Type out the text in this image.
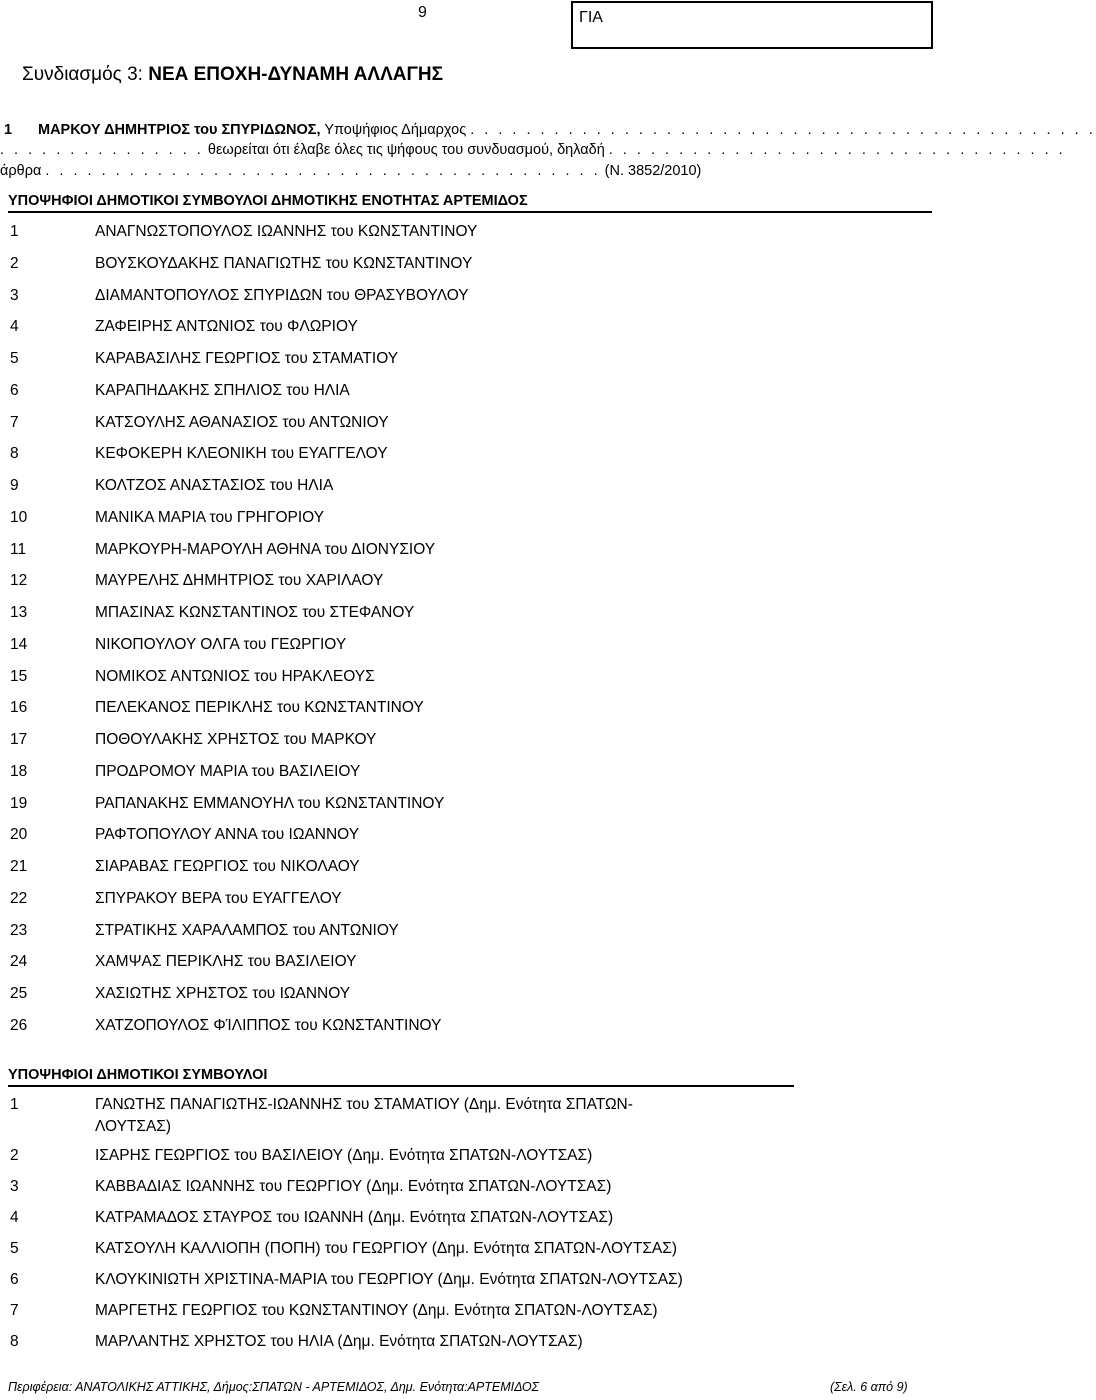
9	ΓΙΑ
Συνδιασμός 3: ΝΕΑ ΕΠΟΧΗ-ΔΥΝΑΜΗ ΑΛΛΑΓΗΣ
1 ΜΑΡΚΟΥ ΔΗΜΗΤΡΙΟΣ του ΣΠΥΡΙΔΩΝΟΣ, Υποψήφιος Δήμαρχος . . . . . . . . . . . . . . . . . . . . . . . . . . . . . . . . . . . . . . . . . . . . .
. . . . . . . . . . . . . . . θεωρείται ότι έλαβε όλες τις ψήφους του συνδυασμού, δηλαδή . . . . . . . . . . . . . . . . . . . . . . . . . . . . . . . . .
άρθρα . . . . . . . . . . . . . . . . . . . . . . . . . . . . . . . . . . . . . . . . (Ν. 3852/2010)
ΥΠΟΨΗΦΙΟΙ ΔΗΜΟΤΙΚΟΙ ΣΥΜΒΟΥΛΟΙ ΔΗΜΟΤΙΚΗΣ ΕΝΟΤΗΤΑΣ ΑΡΤΕΜΙΔΟΣ
1	ΑΝΑΓΝΩΣΤΟΠΟΥΛΟΣ ΙΩΑΝΝΗΣ του ΚΩΝΣΤΑΝΤΙΝΟΥ
2	ΒΟΥΣΚΟΥΔΑΚΗΣ ΠΑΝΑΓΙΩΤΗΣ του ΚΩΝΣΤΑΝΤΙΝΟΥ
3	ΔΙΑΜΑΝΤΟΠΟΥΛΟΣ ΣΠΥΡΙΔΩΝ του ΘΡΑΣΥΒΟΥΛΟΥ
4	ΖΑΦΕΙΡΗΣ ΑΝΤΩΝΙΟΣ του ΦΛΩΡΙΟΥ
5	ΚΑΡΑΒΑΣΙΛΗΣ ΓΕΩΡΓΙΟΣ του ΣΤΑΜΑΤΙΟΥ
6	ΚΑΡΑΠΗΔΑΚΗΣ ΣΠΗΛΙΟΣ του ΗΛΙΑ
7	ΚΑΤΣΟΥΛΗΣ ΑΘΑΝΑΣΙΟΣ του ΑΝΤΩΝΙΟΥ
8	ΚΕΦΟΚΕΡΗ ΚΛΕΟΝΙΚΗ του ΕΥΑΓΓΕΛΟΥ
9	ΚΟΛΤΖΟΣ ΑΝΑΣΤΑΣΙΟΣ του ΗΛΙΑ
10	ΜΑΝΙΚΑ ΜΑΡΙΑ του ΓΡΗΓΟΡΙΟΥ
11	ΜΑΡΚΟΥΡΗ-ΜΑΡΟΥΛΗ ΑΘΗΝΑ του ΔΙΟΝΥΣΙΟΥ
12	ΜΑΥΡΕΛΗΣ ΔΗΜΗΤΡΙΟΣ του ΧΑΡΙΛΑΟΥ
13	ΜΠΑΣΙΝΑΣ ΚΩΝΣΤΑΝΤΙΝΟΣ του ΣΤΕΦΑΝΟΥ
14	ΝΙΚΟΠΟΥΛΟΥ ΟΛΓΑ του ΓΕΩΡΓΙΟΥ
15	ΝΟΜΙΚΟΣ ΑΝΤΩΝΙΟΣ του ΗΡΑΚΛΕΟΥΣ
16	ΠΕΛΕΚΑΝΟΣ ΠΕΡΙΚΛΗΣ του ΚΩΝΣΤΑΝΤΙΝΟΥ
17	ΠΟΘΟΥΛΑΚΗΣ ΧΡΗΣΤΟΣ του ΜΑΡΚΟΥ
18	ΠΡΟΔΡΟΜΟΥ ΜΑΡΙΑ του ΒΑΣΙΛΕΙΟΥ
19	ΡΑΠΑΝΑΚΗΣ ΕΜΜΑΝΟΥΗΛ του ΚΩΝΣΤΑΝΤΙΝΟΥ
20	ΡΑΦΤΟΠΟΥΛΟΥ ΑΝΝΑ του ΙΩΑΝΝΟΥ
21	ΣΙΑΡΑΒΑΣ ΓΕΩΡΓΙΟΣ του ΝΙΚΟΛΑΟΥ
22	ΣΠΥΡΑΚΟΥ ΒΕΡΑ του ΕΥΑΓΓΕΛΟΥ
23	ΣΤΡΑΤΙΚΗΣ ΧΑΡΑΛΑΜΠΟΣ του ΑΝΤΩΝΙΟΥ
24	ΧΑΜΨΑΣ ΠΕΡΙΚΛΗΣ του ΒΑΣΙΛΕΙΟΥ
25	ΧΑΣΙΩΤΗΣ ΧΡΗΣΤΟΣ του ΙΩΑΝΝΟΥ
26	ΧΑΤΖΟΠΟΥΛΟΣ ΦΊΛΙΠΠΟΣ του ΚΩΝΣΤΑΝΤΙΝΟΥ
ΥΠΟΨΗΦΙΟΙ ΔΗΜΟΤΙΚΟΙ ΣΥΜΒΟΥΛΟΙ
1	ΓΑΝΩΤΗΣ ΠΑΝΑΓΙΩΤΗΣ-ΙΩΑΝΝΗΣ του ΣΤΑΜΑΤΙΟΥ (Δημ. Ενότητα ΣΠΑΤΩΝ-ΛΟΥΤΣΑΣ)
2	ΙΣΑΡΗΣ ΓΕΩΡΓΙΟΣ του ΒΑΣΙΛΕΙΟΥ (Δημ. Ενότητα ΣΠΑΤΩΝ-ΛΟΥΤΣΑΣ)
3	ΚΑΒΒΑΔΙΑΣ ΙΩΑΝΝΗΣ του ΓΕΩΡΓΙΟΥ (Δημ. Ενότητα ΣΠΑΤΩΝ-ΛΟΥΤΣΑΣ)
4	ΚΑΤΡΑΜΑΔΟΣ ΣΤΑΥΡΟΣ του ΙΩΑΝΝΗ (Δημ. Ενότητα ΣΠΑΤΩΝ-ΛΟΥΤΣΑΣ)
5	ΚΑΤΣΟΥΛΗ ΚΑΛΛΙΟΠΗ (ΠΟΠΗ) του ΓΕΩΡΓΙΟΥ (Δημ. Ενότητα ΣΠΑΤΩΝ-ΛΟΥΤΣΑΣ)
6	ΚΛΟΥΚΙΝΙΩΤΗ ΧΡΙΣΤΙΝΑ-ΜΑΡΙΑ του ΓΕΩΡΓΙΟΥ (Δημ. Ενότητα ΣΠΑΤΩΝ-ΛΟΥΤΣΑΣ)
7	ΜΑΡΓΕΤΗΣ ΓΕΩΡΓΙΟΣ του ΚΩΝΣΤΑΝΤΙΝΟΥ (Δημ. Ενότητα ΣΠΑΤΩΝ-ΛΟΥΤΣΑΣ)
8	ΜΑΡΛΑΝΤΗΣ ΧΡΗΣΤΟΣ του ΗΛΙΑ (Δημ. Ενότητα ΣΠΑΤΩΝ-ΛΟΥΤΣΑΣ)
Περιφέρεια: ΑΝΑΤΟΛΙΚΗΣ ΑΤΤΙΚΗΣ, Δήμος:ΣΠΑΤΩΝ - ΑΡΤΕΜΙΔΟΣ, Δημ. Ενότητα:ΑΡΤΕΜΙΔΟΣ	(Σελ. 6 από 9)
